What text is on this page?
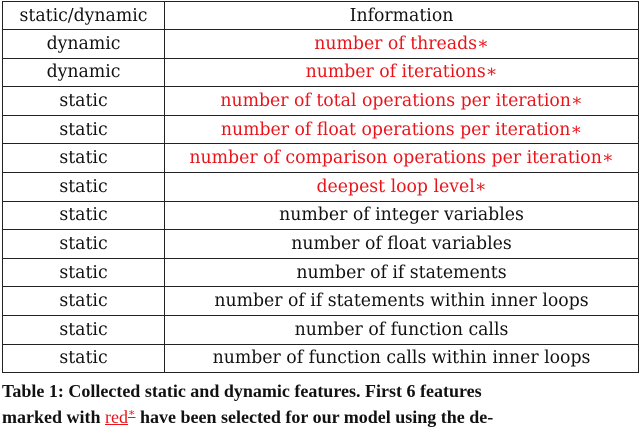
static/dynamic	Information
dynamic	number of threads∗
dynamic	number of iterations∗
static	number of total operations per iteration∗
static	number of float operations per iteration∗
static	number of comparison operations per iteration∗
static	deepest loop level∗
static	number of integer variables
static	number of float variables
static	number of if statements
static	number of if statements within inner loops
static	number of function calls
static	number of function calls within inner loops
Table 1: Collected static and dynamic features. First 6 features
marked with red∗ have been selected for our model using the de-
